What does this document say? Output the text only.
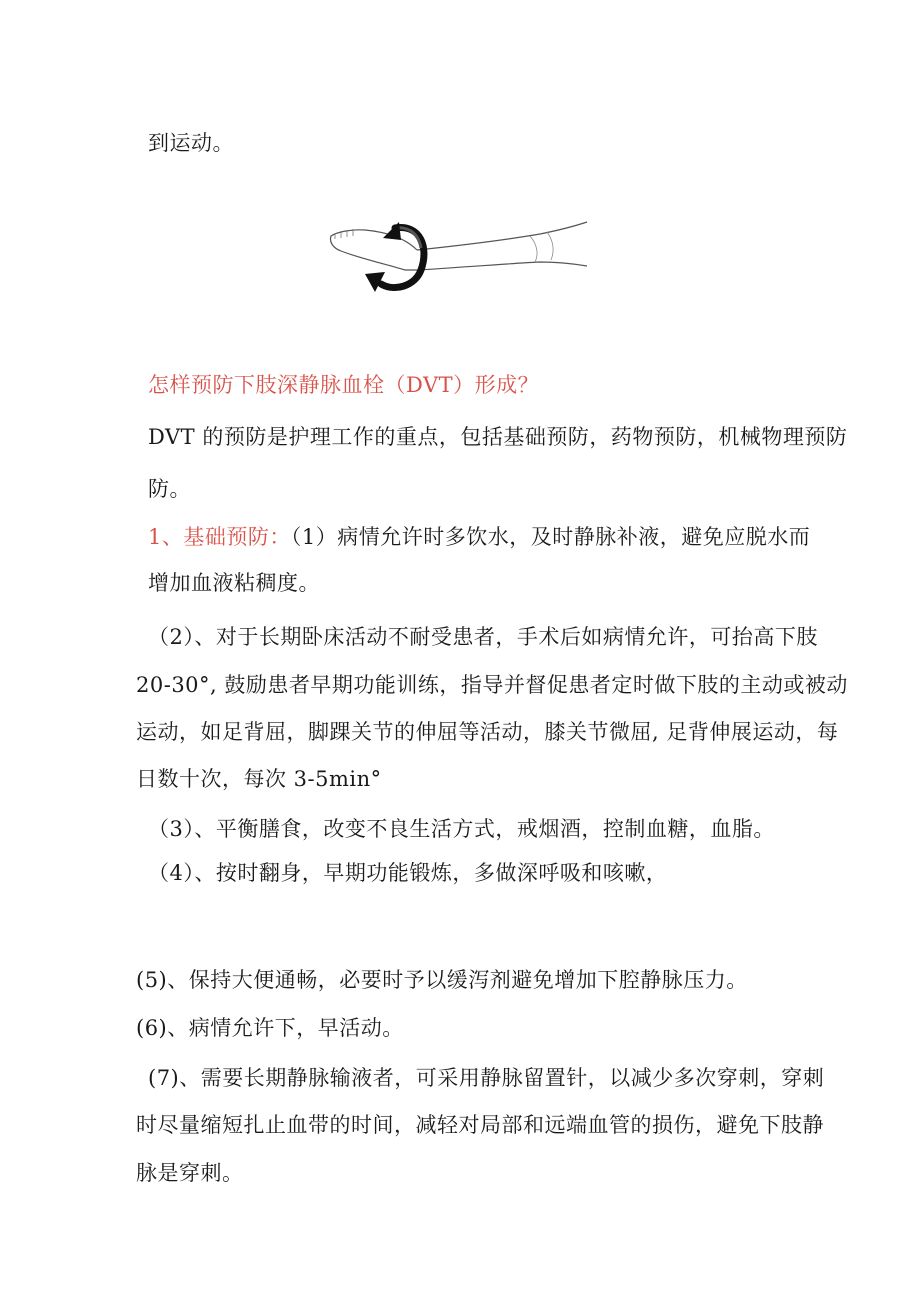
到运动。
怎样预防下肢深静脉血栓（DVT）形成？
DVT 的预防是护理工作的重点，包括基础预防，药物预防，机械物理预防
防。
1、基础预防：（1）病情允许时多饮水，及时静脉补液，避免应脱水而
增加血液粘稠度。
（2）、对于长期卧床活动不耐受患者，手术后如病情允许，可抬高下肢
20-30°, 鼓励患者早期功能训练，指导并督促患者定时做下肢的主动或被动
运动，如足背屈，脚踝关节的伸屈等活动，膝关节微屈, 足背伸展运动，每
日数十次，每次 3-5min°
（3）、平衡膳食，改变不良生活方式，戒烟酒，控制血糖，血脂。
（4）、按时翻身，早期功能锻炼，多做深呼吸和咳嗽，
(5)、保持大便通畅，必要时予以缓泻剂避免增加下腔静脉压力。
(6)、病情允许下，早活动。
(7)、需要长期静脉输液者，可采用静脉留置针，以减少多次穿刺，穿刺
时尽量缩短扎止血带的时间，减轻对局部和远端血管的损伤，避免下肢静
脉是穿刺。
